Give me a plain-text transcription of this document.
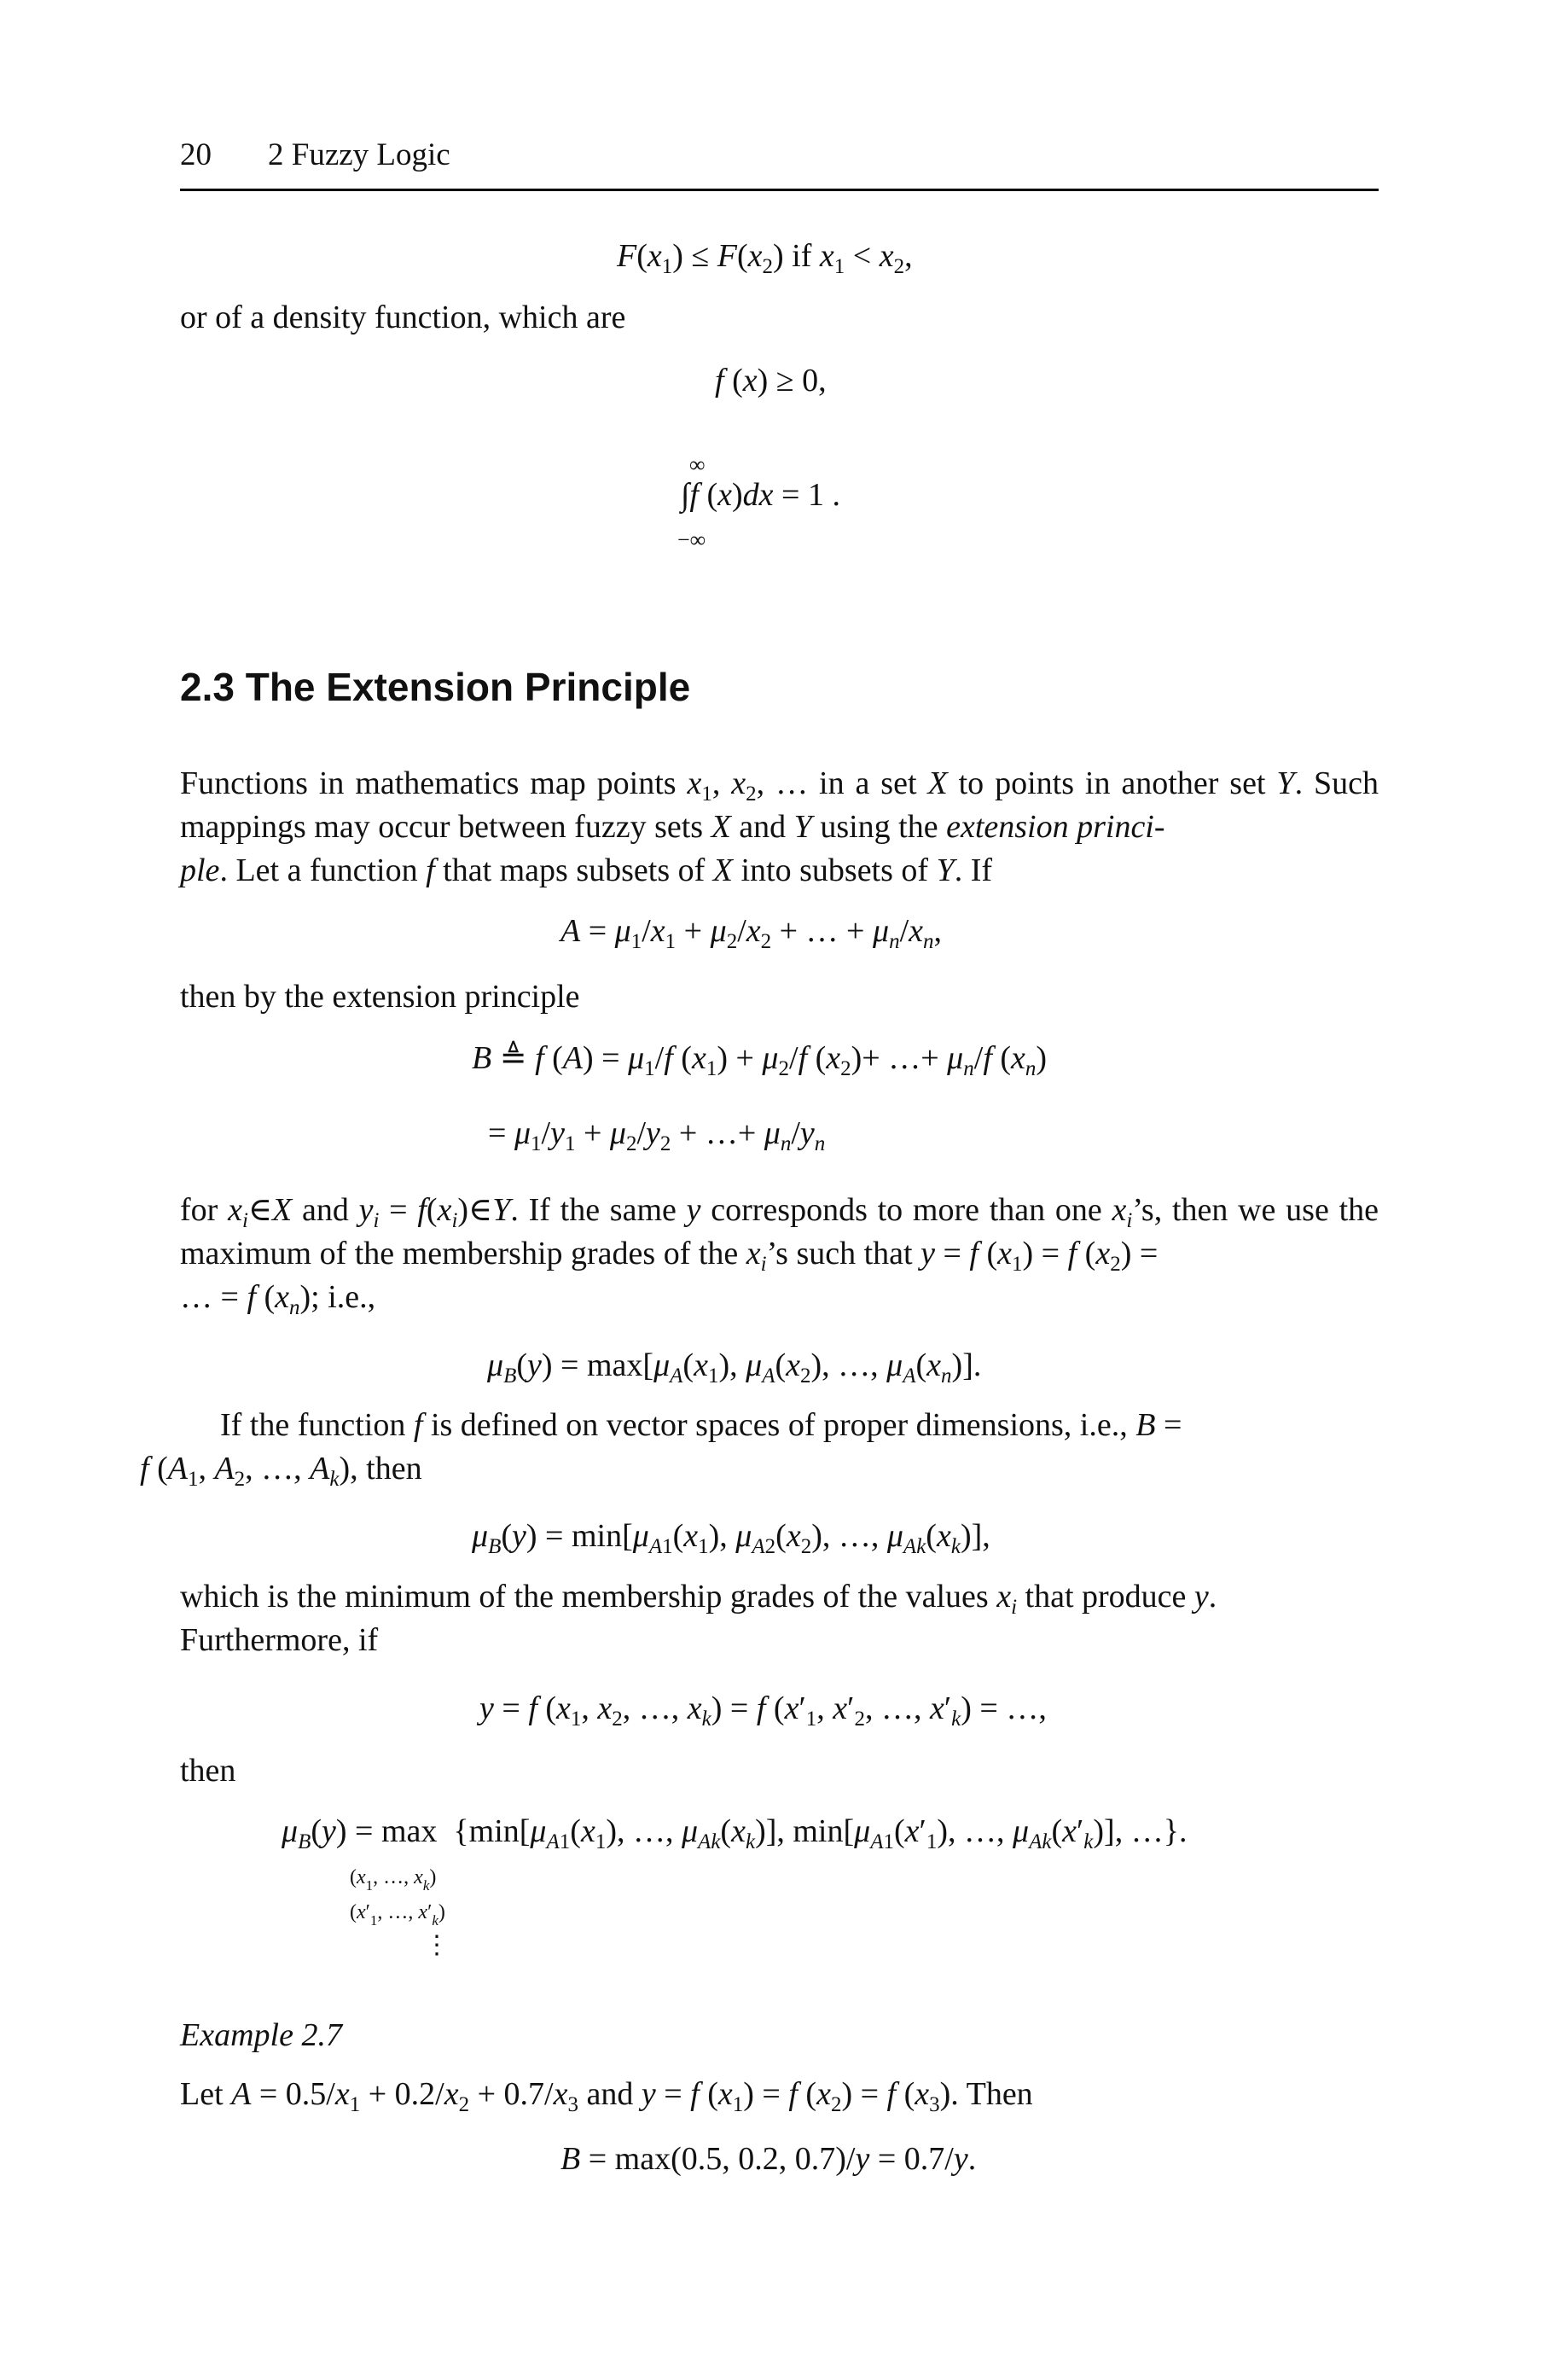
20 2 Fuzzy Logic
$F(x_1) \le F(x_2)$ if $x_1 < x_2$,
or of a density function, which are
f (x) ≥ 0,
∞
∫f (x)dx = 1 .
−∞
2.3 The Extension Principle
Functions in mathematics map points $x_1$, $x_2$, … in a set X to points in another set Y. Such mappings may occur between fuzzy sets X and Y using the extension princi-
ple. Let a function f that maps subsets of X into subsets of Y. If
$A = \mu_1/x_1 + \mu_2/x_2$ + … + $\mu_n/x_n$,
then by the extension principle
B ≜ f $(A) = \mu_1/f$ $(x_1) + \mu_2/f$ $(x_2)+$ …+ $\mu_n/f$ $(x_n)$
= $\mu_1/y_1 + \mu_2/y_2$ + …+ $\mu_n/y_n$
for $x_i\in X$ and $y_i$ = $f(x_i)\in Y$. If the same y corresponds to more than one $x_i’s$, then we use the maximum of the membership grades of the $x_i’s$ such that y = f $(x_1) = f$ $(x_2)$ =
… = f $(x_n)$; i.e.,
$\mu_B(y) = \max[\mu_A(x_1)$, $\mu_A(x_2)$, …, $\mu_A(x_n)$].
If the function f is defined on vector spaces of proper dimensions, i.e., B =
f ($A_1$, $A_2$, …, $A_k$), then
$\mu_B(y) = \min[\mu_{A1}(x_1)$, $\mu_{A2}(x_2)$, …, $\mu_{Ak}(x_k)$],
which is the minimum of the membership grades of the values $x_i$ that produce y.
Furthermore, if
y = f ($x_1$, $x_2$, …, $x_k) = f$ ($x'_1$, $x'_2$, …, $x'_k$) = …,
then
$\mu_B(y) = \max \{\min[\mu_{A1}(x_1)$, …, $\mu_{Ak}(x_k)$], $\min[\mu_{A1}(x'_1)$, …, $\mu_{Ak}(x'_k)$], …}.
($x_1$, …, $x_k$)
($x'_1$, …, $x'_k$)
⋮
Example 2.7
Let $A = 0.5/x_1 + 0.2/x_2 + 0.7/x_3$ and y = f $(x_1) = f$ $(x_2) = f$ $(x_3)$. Then
B = max(0.5, 0.2, 0.7)/y = 0.7/y.
